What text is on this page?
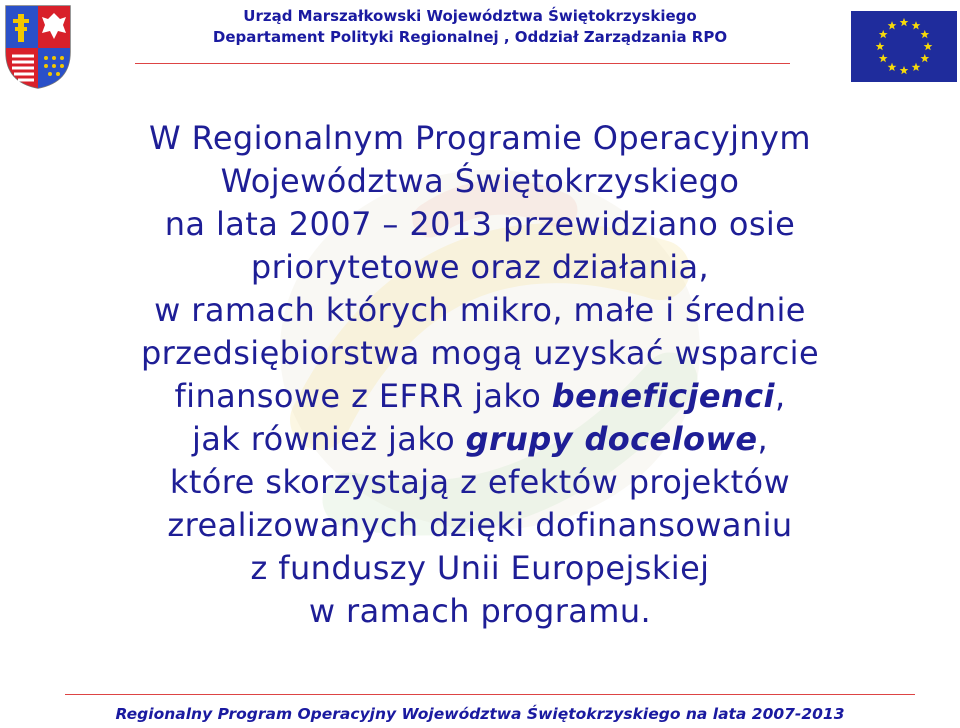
Urząd Marszałkowski Województwa Świętokrzyskiego
Departament Polityki Regionalnej , Oddział Zarządzania RPO
W Regionalnym Programie Operacyjnym
Województwa Świętokrzyskiego
na lata 2007 – 2013 przewidziano osie
priorytetowe oraz działania,
w ramach których mikro, małe i średnie
przedsiębiorstwa mogą uzyskać wsparcie
finansowe z EFRR jako beneficjenci,
jak również jako grupy docelowe,
które skorzystają z efektów projektów
zrealizowanych dzięki dofinansowaniu
z funduszy Unii Europejskiej
w ramach programu.
Regionalny Program Operacyjny Województwa Świętokrzyskiego na lata 2007-2013
